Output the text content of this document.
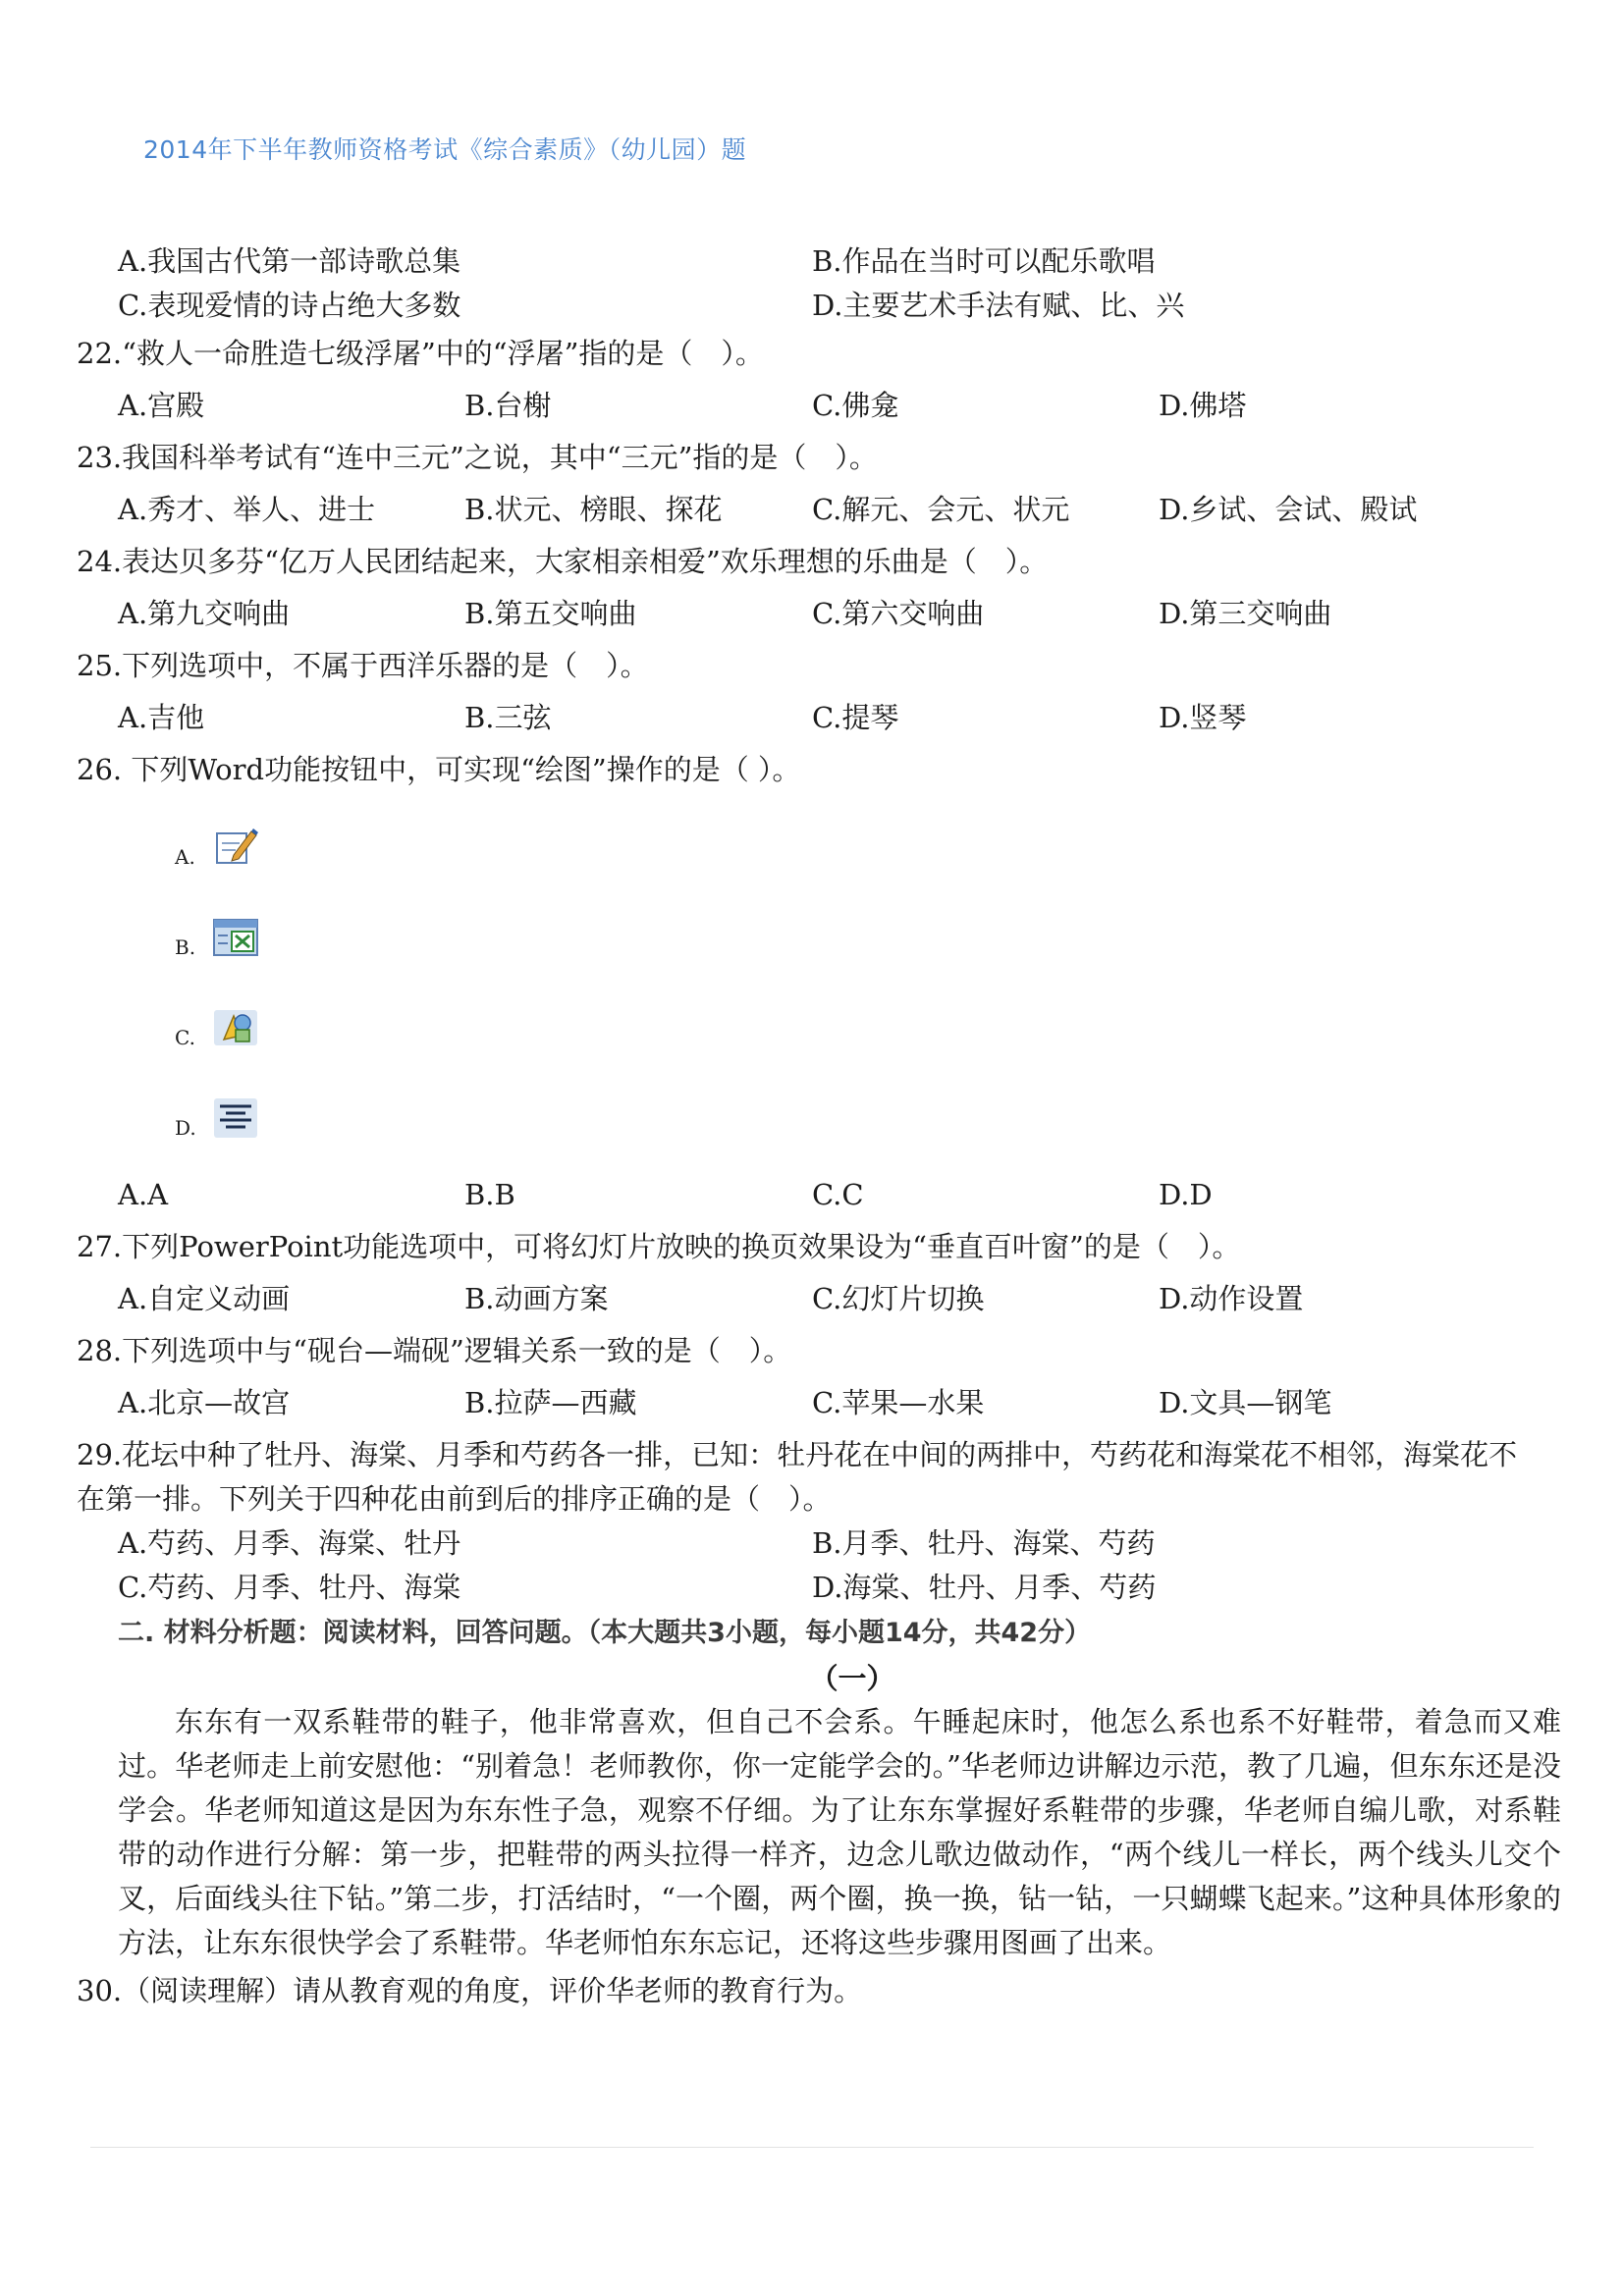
2014年下半年教师资格考试《综合素质》（幼儿园）题
A.我国古代第一部诗歌总集	B.作品在当时可以配乐歌唱
C.表现爱情的诗占绝大多数	D.主要艺术手法有赋、比、兴
22.“救人一命胜造七级浮屠”中的“浮屠”指的是（　）。
A.宫殿	B.台榭	C.佛龛	D.佛塔
23.我国科举考试有“连中三元”之说，其中“三元”指的是（　）。
A.秀才、举人、进士	B.状元、榜眼、探花	C.解元、会元、状元	D.乡试、会试、殿试
24.表达贝多芬“亿万人民团结起来，大家相亲相爱”欢乐理想的乐曲是（　）。
A.第九交响曲	B.第五交响曲	C.第六交响曲	D.第三交响曲
25.下列选项中，不属于西洋乐器的是（　）。
A.吉他	B.三弦	C.提琴	D.竖琴
26. 下列Word功能按钮中，可实现“绘图”操作的是（ ）。
A.
B.
C.
D.
A.A	B.B	C.C	D.D
27.下列PowerPoint功能选项中，可将幻灯片放映的换页效果设为“垂直百叶窗”的是（　）。
A.自定义动画	B.动画方案	C.幻灯片切换	D.动作设置
28.下列选项中与“砚台—端砚”逻辑关系一致的是（　）。
A.北京—故宫	B.拉萨—西藏	C.苹果—水果	D.文具—钢笔
29.花坛中种了牡丹、海棠、月季和芍药各一排，已知：牡丹花在中间的两排中，芍药花和海棠花不相邻，海棠花不在第一排。下列关于四种花由前到后的排序正确的是（　）。
A.芍药、月季、海棠、牡丹	B.月季、牡丹、海棠、芍药
C.芍药、月季、牡丹、海棠	D.海棠、牡丹、月季、芍药
二. 材料分析题：阅读材料，回答问题。（本大题共3小题，每小题14分，共42分）
（一）
东东有一双系鞋带的鞋子，他非常喜欢，但自己不会系。午睡起床时，他怎么系也系不好鞋带，着急而又难过。华老师走上前安慰他：“别着急！老师教你，你一定能学会的。”华老师边讲解边示范，教了几遍，但东东还是没学会。华老师知道这是因为东东性子急，观察不仔细。为了让东东掌握好系鞋带的步骤，华老师自编儿歌，对系鞋带的动作进行分解：第一步，把鞋带的两头拉得一样齐，边念儿歌边做动作，“两个线儿一样长，两个线头儿交个叉，后面线头往下钻。”第二步，打活结时，“一个圈，两个圈，换一换，钻一钻，一只蝴蝶飞起来。”这种具体形象的方法，让东东很快学会了系鞋带。华老师怕东东忘记，还将这些步骤用图画了出来。
30.（阅读理解）请从教育观的角度，评价华老师的教育行为。
